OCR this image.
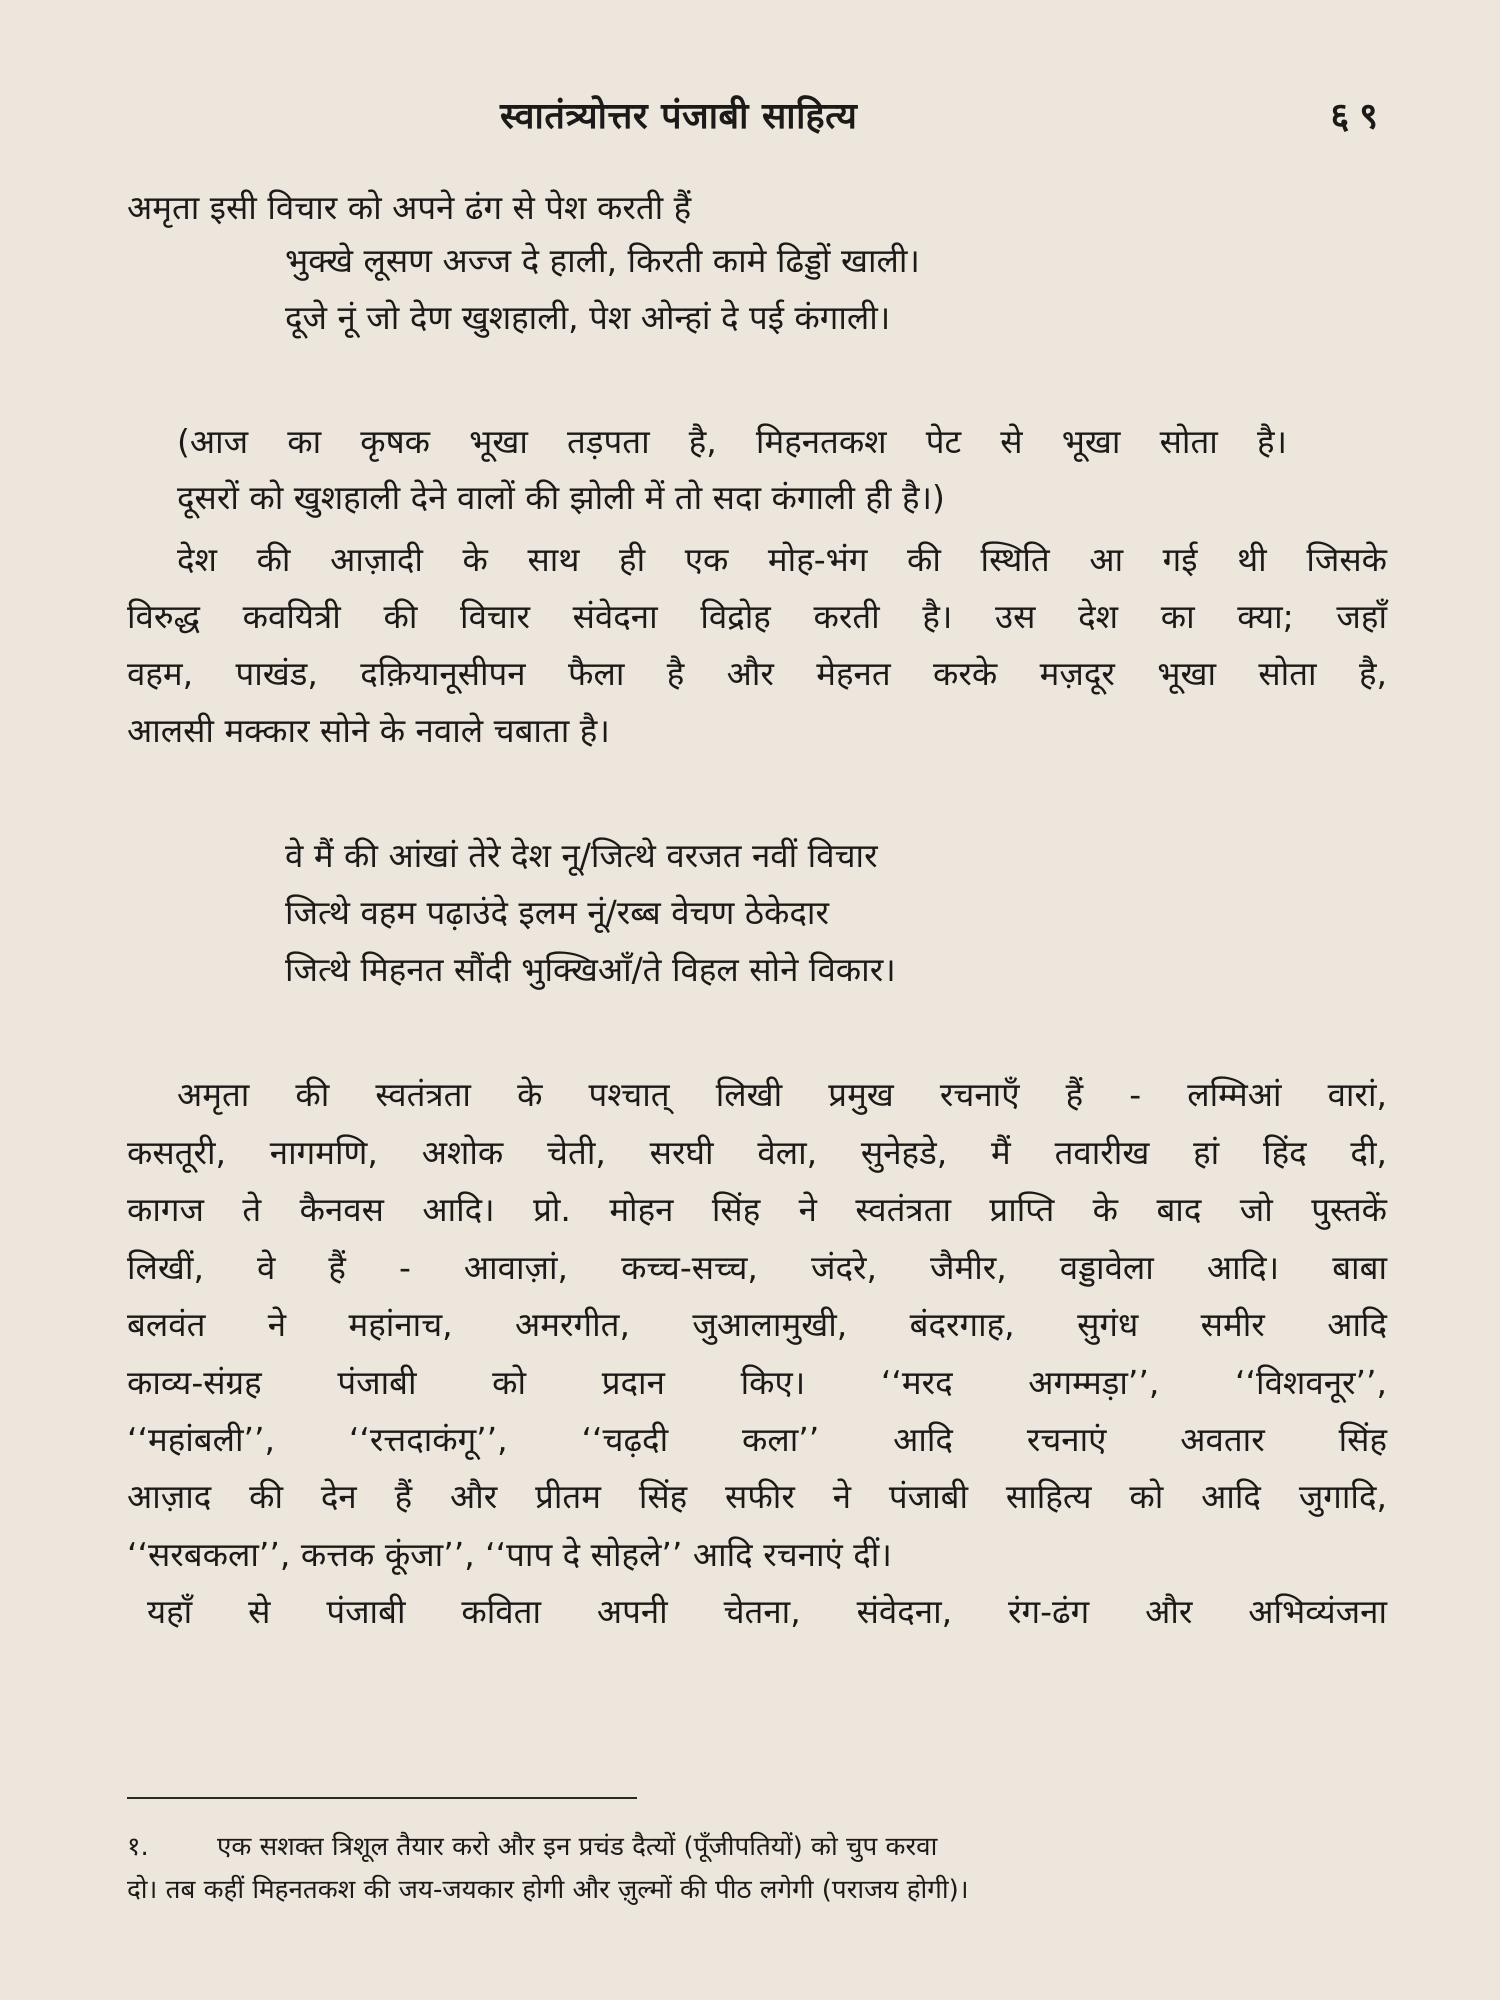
स्वातंत्र्योत्तर पंजाबी साहित्य	६९
अमृता इसी विचार को अपने ढंग से पेश करती हैं
भुक्खे लूसण अज्ज दे हाली, किरती कामे ढिड्डों खाली।
दूजे नूं जो देण खुशहाली, पेश ओन्हां दे पई कंगाली।
(आज का कृषक भूखा तड़पता है, मिहनतकश पेट से भूखा सोता है।
दूसरों को खुशहाली देने वालों की झोली में तो सदा कंगाली ही है।)
देश की आज़ादी के साथ ही एक मोह-भंग की स्थिति आ गई थी जिसके
विरुद्ध कवयित्री की विचार संवेदना विद्रोह करती है। उस देश का क्या; जहाँ
वहम, पाखंड, दक़ियानूसीपन फैला है और मेहनत करके मज़दूर भूखा सोता है,
आलसी मक्कार सोने के नवाले चबाता है।
वे मैं की आंखां तेरे देश नू/जित्थे वरजत नवीं विचार
जित्थे वहम पढ़ाउंदे इलम नूं/रब्ब वेचण ठेकेदार
जित्थे मिहनत सौंदी भुक्खिआँ/ते विहल सोने विकार।
अमृता की स्वतंत्रता के पश्चात् लिखी प्रमुख रचनाएँ हैं - लम्मिआं वारां,
कसतूरी, नागमणि, अशोक चेती, सरघी वेला, सुनेहडे, मैं तवारीख हां हिंद दी,
कागज ते कैनवस आदि। प्रो. मोहन सिंह ने स्वतंत्रता प्राप्ति के बाद जो पुस्तकें
लिखीं, वे हैं - आवाज़ां, कच्च-सच्च, जंदरे, जैमीर, वड्डावेला आदि। बाबा
बलवंत ने महांनाच, अमरगीत, जुआलामुखी, बंदरगाह, सुगंध समीर आदि
काव्य-संग्रह पंजाबी को प्रदान किए। ‘‘मरद अगम्मड़ा’’, ‘‘विशवनूर’’,
‘‘महांबली’’, ‘‘रत्तदाकंगू’’, ‘‘चढ़दी कला’’ आदि रचनाएं अवतार सिंह
आज़ाद की देन हैं और प्रीतम सिंह सफीर ने पंजाबी साहित्य को आदि जुगादि,
‘‘सरबकला’’, कत्तक कूंजा’’, ‘‘पाप दे सोहले’’ आदि रचनाएं दीं।
यहाँ से पंजाबी कविता अपनी चेतना, संवेदना, रंग-ढंग और अभिव्यंजना
१.	एक सशक्त त्रिशूल तैयार करो और इन प्रचंड दैत्यों (पूँजीपतियों) को चुप करवा
दो। तब कहीं मिहनतकश की जय-जयकार होगी और ज़ुल्मों की पीठ लगेगी (पराजय होगी)।
